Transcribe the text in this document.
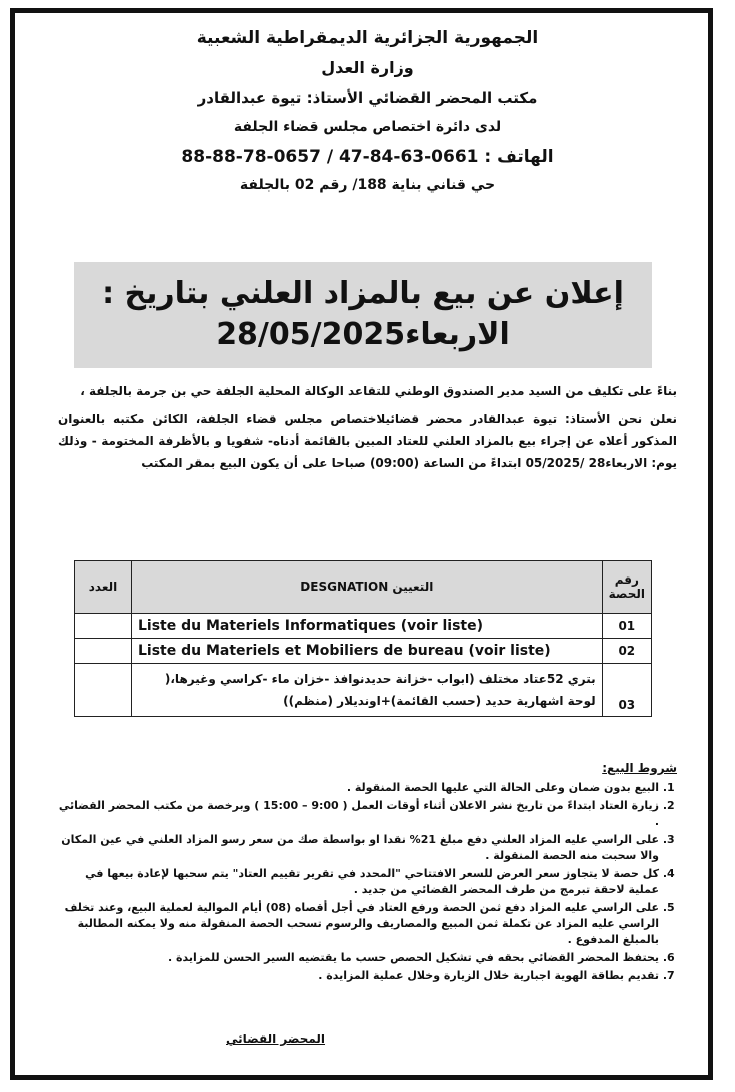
الجمهورية الجزائرية الديمقراطية الشعبية
وزارة العدل
مكتب المحضر القضائي الأستاذ: تيوة عبدالقادر
لدى دائرة اختصاص مجلس قضاء الجلفة
الهاتف : 0661-63-84-47 / 0657-78-88-88
حي قناني بناية 188/ رقم 02 بالجلفة
إعلان عن بيع بالمزاد العلني بتاريخ :
الاربعاء28/05/2025

بناءً على تكليف من السيد مدير الصندوق الوطني للتقاعد الوكالة المحلية الجلفة حي بن جرمة بالجلفة ،

نعلن نحن الأستاذ: تيوة عبدالقادر محضر قضائيلاختصاص مجلس قضاء الجلفة، الكائن مكتبه بالعنوان المذكور أعلاه عن إجراء بيع بالمزاد العلني للعتاد المبين بالقائمة أدناه- شفويا و بالأظرفة المختومة - وذلك يوم: الاربعاء28 /05/2025 ابتداءً من الساعة (09:00) صباحا على أن يكون البيع بمقر المكتب

رقم الحصة	التعيين DESGNATION	العدد
01	Liste du Materiels Informatiques (voir liste)	
02	Liste du Materiels et Mobiliers de bureau (voir liste)	
03	بتري 52عتاد مختلف (ابواب -خزانة حديدنوافذ -خزان ماء -كراسي وغيرها،( لوحة اشهارية حديد (حسب القائمة)+اونديلار (منظم))	
شروط البيع:
1. البيع بدون ضمان وعلى الحالة التي عليها الحصة المنقولة .
2. زيارة العتاد ابتداءً من تاريخ نشر الاعلان أثناء أوقات العمل ( 9:00 – 15:00 ) وبرخصة من مكتب المحضر القضائي .
3. على الراسي عليه المزاد العلني دفع مبلغ 21% نقدا او بواسطة صك من سعر رسو المزاد العلني في عين المكان والا سحبت منه الحصة المنقولة .
4. كل حصة لا يتجاوز سعر العرض للسعر الافتتاحي "المحدد في تقرير تقييم العتاد" يتم سحبها لإعادة بيعها في عملية لاحقة تبرمج من طرف المحضر القضائي من جديد .
5. على الراسي عليه المزاد دفع ثمن الحصة ورفع العتاد في أجل أقصاه (08) أيام الموالية لعملية البيع، وعند تخلف الراسي عليه المزاد عن تكملة ثمن المبيع والمصاريف والرسوم تسحب الحصة المنقولة منه ولا يمكنه المطالبة بالمبلغ المدفوع .
6. يحتفظ المحضر القضائي بحقه في تشكيل الحصص حسب ما يقتضيه السير الحسن للمزايدة .
7. تقديم بطاقة الهوية اجبارية خلال الزيارة وخلال عملية المزايدة .
المحضر القضائي
